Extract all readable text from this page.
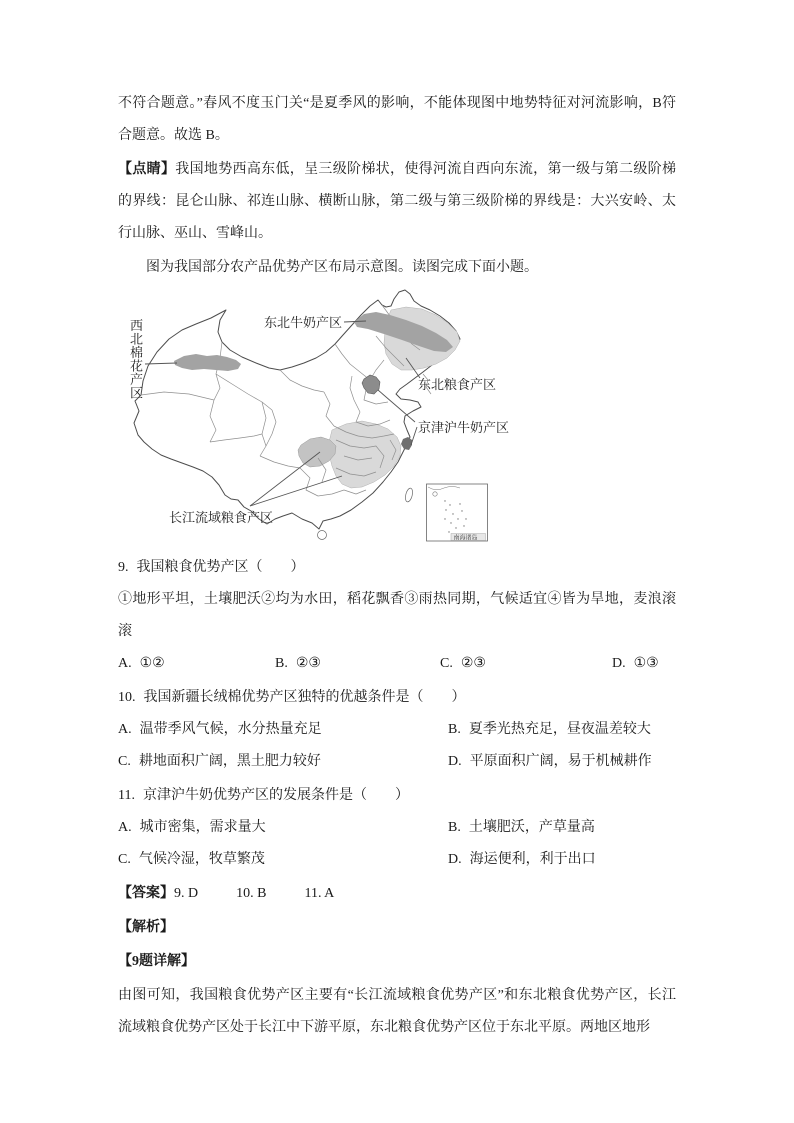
不符合题意。”春风不度玉门关“是夏季风的影响，不能体现图中地势特征对河流影响，B符合题意。故选 B。

【点睛】我国地势西高东低，呈三级阶梯状，使得河流自西向东流，第一级与第二级阶梯的界线：昆仑山脉、祁连山脉、横断山脉，第二级与第三级阶梯的界线是：大兴安岭、太行山脉、巫山、雪峰山。

图为我国部分农产品优势产区布局示意图。读图完成下面小题。

南海诸岛
东北牛奶产区
西北棉花产区
东北粮食产区
京津沪牛奶产区
长江流域粮食产区
9. 我国粮食优势产区（　　）
①地形平坦，土壤肥沃②均为水田，稻花飘香③雨热同期，气候适宜④皆为旱地，麦浪滚滚
A. ①②	B. ②③	C. ②③	D. ①③
10. 我国新疆长绒棉优势产区独特的优越条件是（　　）
A. 温带季风气候，水分热量充足	B. 夏季光热充足，昼夜温差较大
C. 耕地面积广阔，黑土肥力较好	D. 平原面积广阔，易于机械耕作
11. 京津沪牛奶优势产区的发展条件是（　　）
A. 城市密集，需求量大	B. 土壤肥沃，产草量高
C. 气候冷湿，牧草繁茂	D. 海运便利，利于出口
【答案】9. D	10. B	11. A
【解析】
【9题详解】

由图可知，我国粮食优势产区主要有“长江流域粮食优势产区”和东北粮食优势产区，长江流域粮食优势产区处于长江中下游平原，东北粮食优势产区位于东北平原。两地区地形
